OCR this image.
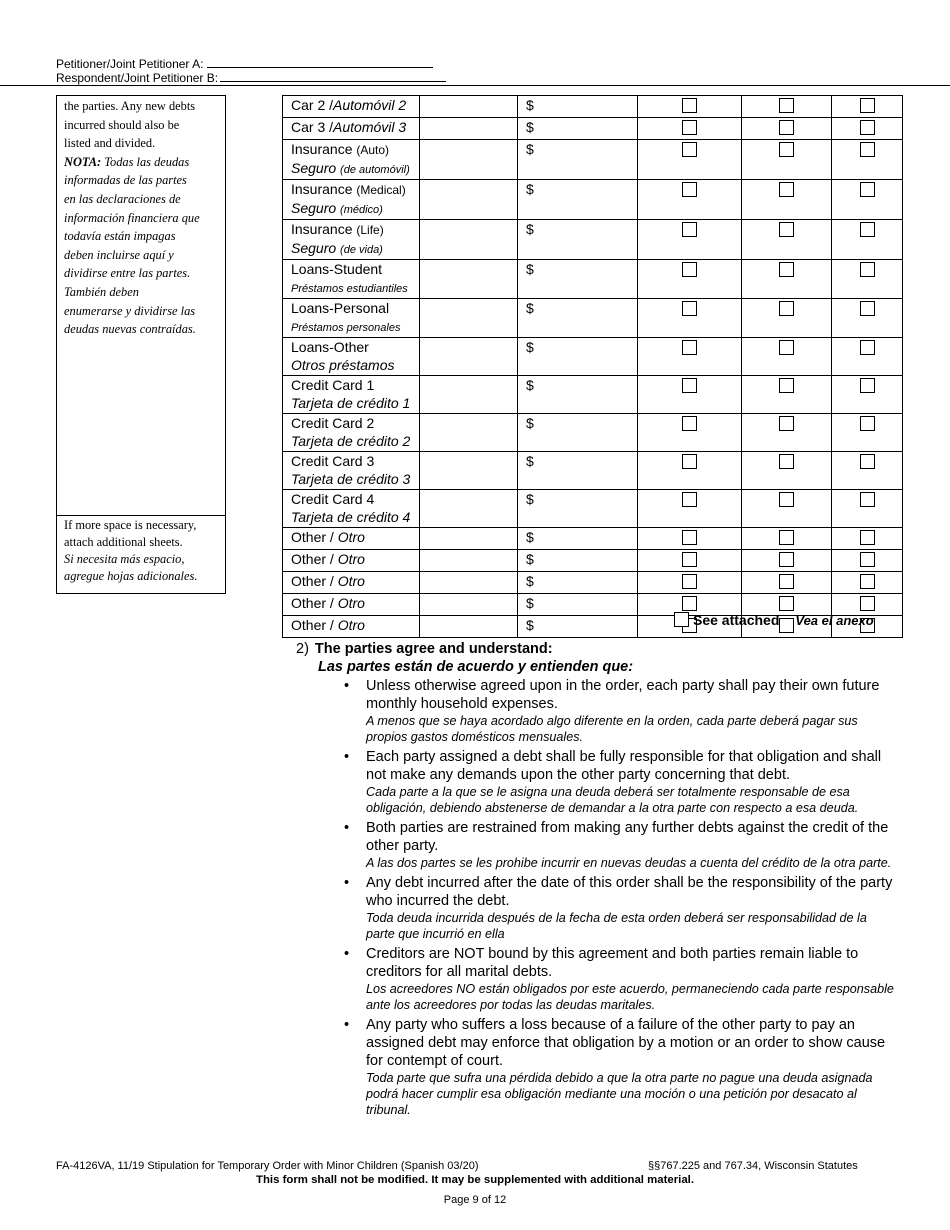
Petitioner/Joint Petitioner A:
Respondent/Joint Petitioner B:
the parties. Any new debts
incurred should also be
listed and divided.
NOTA: Todas las deudas
informadas de las partes
en las declaraciones de
información financiera que
todavía están impagas
deben incluirse aquí y
dividirse entre las partes.
También deben
enumerarse y dividirse las
deudas nuevas contraídas.
If more space is necessary,
attach additional sheets.
Si necesita más espacio,
agregue hojas adicionales.
Car 2 /Automóvil 2		$			
Car 3 /Automóvil 3		$			

Insurance (Auto)
Seguro (de automóvil)		$			

Insurance (Medical)
Seguro (médico)		$			

Insurance (Life)
Seguro (de vida)		$			

Loans-Student
Préstamos estudiantiles		$			

Loans-Personal
Préstamos personales		$			

Loans-Other
Otros préstamos		$			

Credit Card 1
Tarjeta de crédito 1		$			

Credit Card 2
Tarjeta de crédito 2		$			

Credit Card 3
Tarjeta de crédito 3		$			

Credit Card 4
Tarjeta de crédito 4		$			
Other / Otro		$			
Other / Otro		$			
Other / Otro		$			
Other / Otro		$			
Other / Otro		$				See attached Vea el anexo
2) The parties agree and understand:
Las partes están de acuerdo y entienden que:
• Unless otherwise agreed upon in the order, each party shall pay their own future monthly household expenses.
A menos que se haya acordado algo diferente en la orden, cada parte deberá pagar sus propios gastos domésticos mensuales.
• Each party assigned a debt shall be fully responsible for that obligation and shall not make any demands upon the other party concerning that debt.
Cada parte a la que se le asigna una deuda deberá ser totalmente responsable de esa obligación, debiendo abstenerse de demandar a la otra parte con respecto a esa deuda.
• Both parties are restrained from making any further debts against the credit of the other party.
A las dos partes se les prohibe incurrir en nuevas deudas a cuenta del crédito de la otra parte.
• Any debt incurred after the date of this order shall be the responsibility of the party who incurred the debt.
Toda deuda incurrida después de la fecha de esta orden deberá ser responsabilidad de la parte que incurrió en ella
• Creditors are NOT bound by this agreement and both parties remain liable to creditors for all marital debts.
Los acreedores NO están obligados por este acuerdo, permaneciendo cada parte responsable ante los acreedores por todas las deudas maritales.
• Any party who suffers a loss because of a failure of the other party to pay an assigned debt may enforce that obligation by a motion or an order to show cause for contempt of court.
Toda parte que sufra una pérdida debido a que la otra parte no pague una deuda asignada podrá hacer cumplir esa obligación mediante una moción o una petición por desacato al tribunal.
FA-4126VA, 11/19 Stipulation for Temporary Order with Minor Children (Spanish 03/20)	§§767.225 and 767.34, Wisconsin Statutes
This form shall not be modified. It may be supplemented with additional material.
Page 9 of 12
